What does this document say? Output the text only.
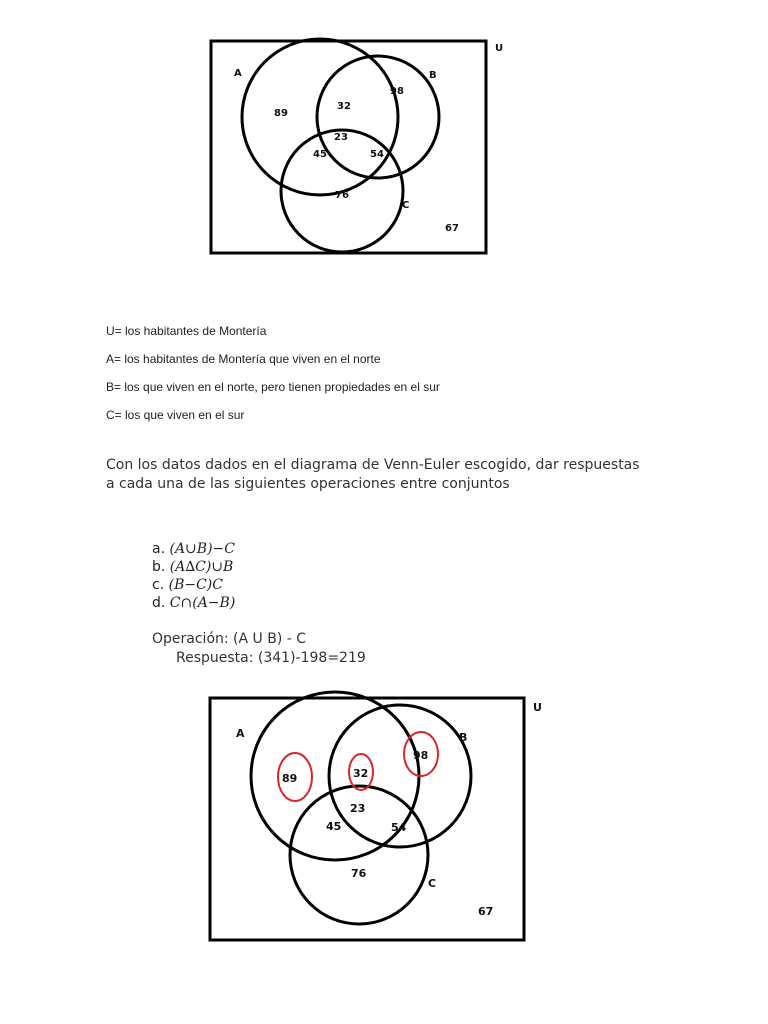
U
A	B
C
89
32
98
23
45	54
76
67
U= los habitantes de Montería
A= los habitantes de Montería que viven en el norte
B= los que viven en el norte, pero tienen propiedades en el sur
C= los que viven en el sur
Con los datos dados en el diagrama de Venn-Euler escogido, dar respuestas
a cada una de las siguientes operaciones entre conjuntos
a. (A∪B)−C
b. (A∆C)∪B
c. (B−C)C
d. C∩(A−B)
Operación: (A U B) - C
Respuesta: (341)-198=219
U
A	B
C
89	32
98
23
45	54
76
67
